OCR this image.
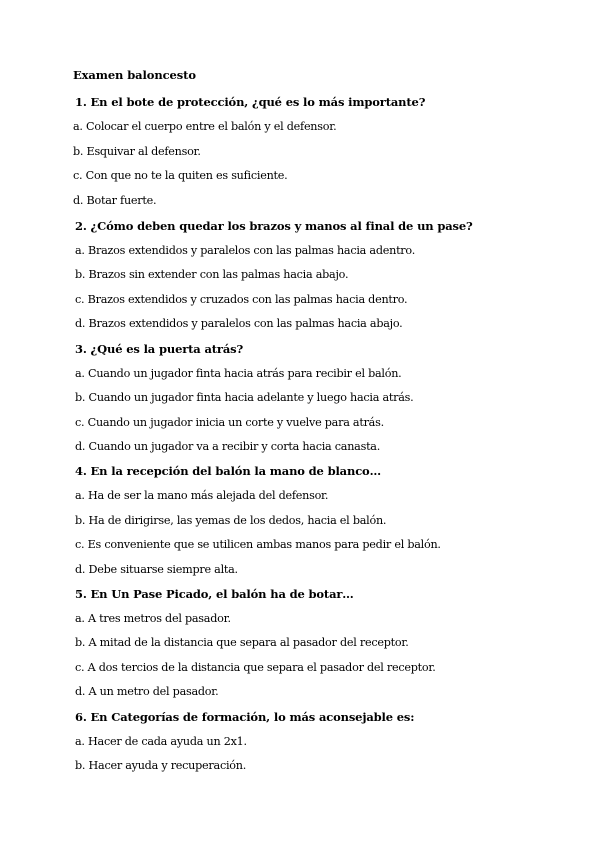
Examen baloncesto
1. En el bote de protección, ¿qué es lo más importante?
a. Colocar el cuerpo entre el balón y el defensor.
b. Esquivar al defensor.
c. Con que no te la quiten es suficiente.
d. Botar fuerte.
2. ¿Cómo deben quedar los brazos y manos al final de un pase?
a. Brazos extendidos y paralelos con las palmas hacia adentro.
b. Brazos sin extender con las palmas hacia abajo.
c. Brazos extendidos y cruzados con las palmas hacia dentro.
d. Brazos extendidos y paralelos con las palmas hacia abajo.
3. ¿Qué es la puerta atrás?
a. Cuando un jugador finta hacia atrás para recibir el balón.
b. Cuando un jugador finta hacia adelante y luego hacia atrás.
c. Cuando un jugador inicia un corte y vuelve para atrás.
d. Cuando un jugador va a recibir y corta hacia canasta.
4. En la recepción del balón la mano de blanco…
a. Ha de ser la mano más alejada del defensor.
b. Ha de dirigirse, las yemas de los dedos, hacia el balón.
c. Es conveniente que se utilicen ambas manos para pedir el balón.
d. Debe situarse siempre alta.
5. En Un Pase Picado, el balón ha de botar…
a. A tres metros del pasador.
b. A mitad de la distancia que separa al pasador del receptor.
c. A dos tercios de la distancia que separa el pasador del receptor.
d. A un metro del pasador.
6. En Categorías de formación, lo más aconsejable es:
a. Hacer de cada ayuda un 2x1.
b. Hacer ayuda y recuperación.
